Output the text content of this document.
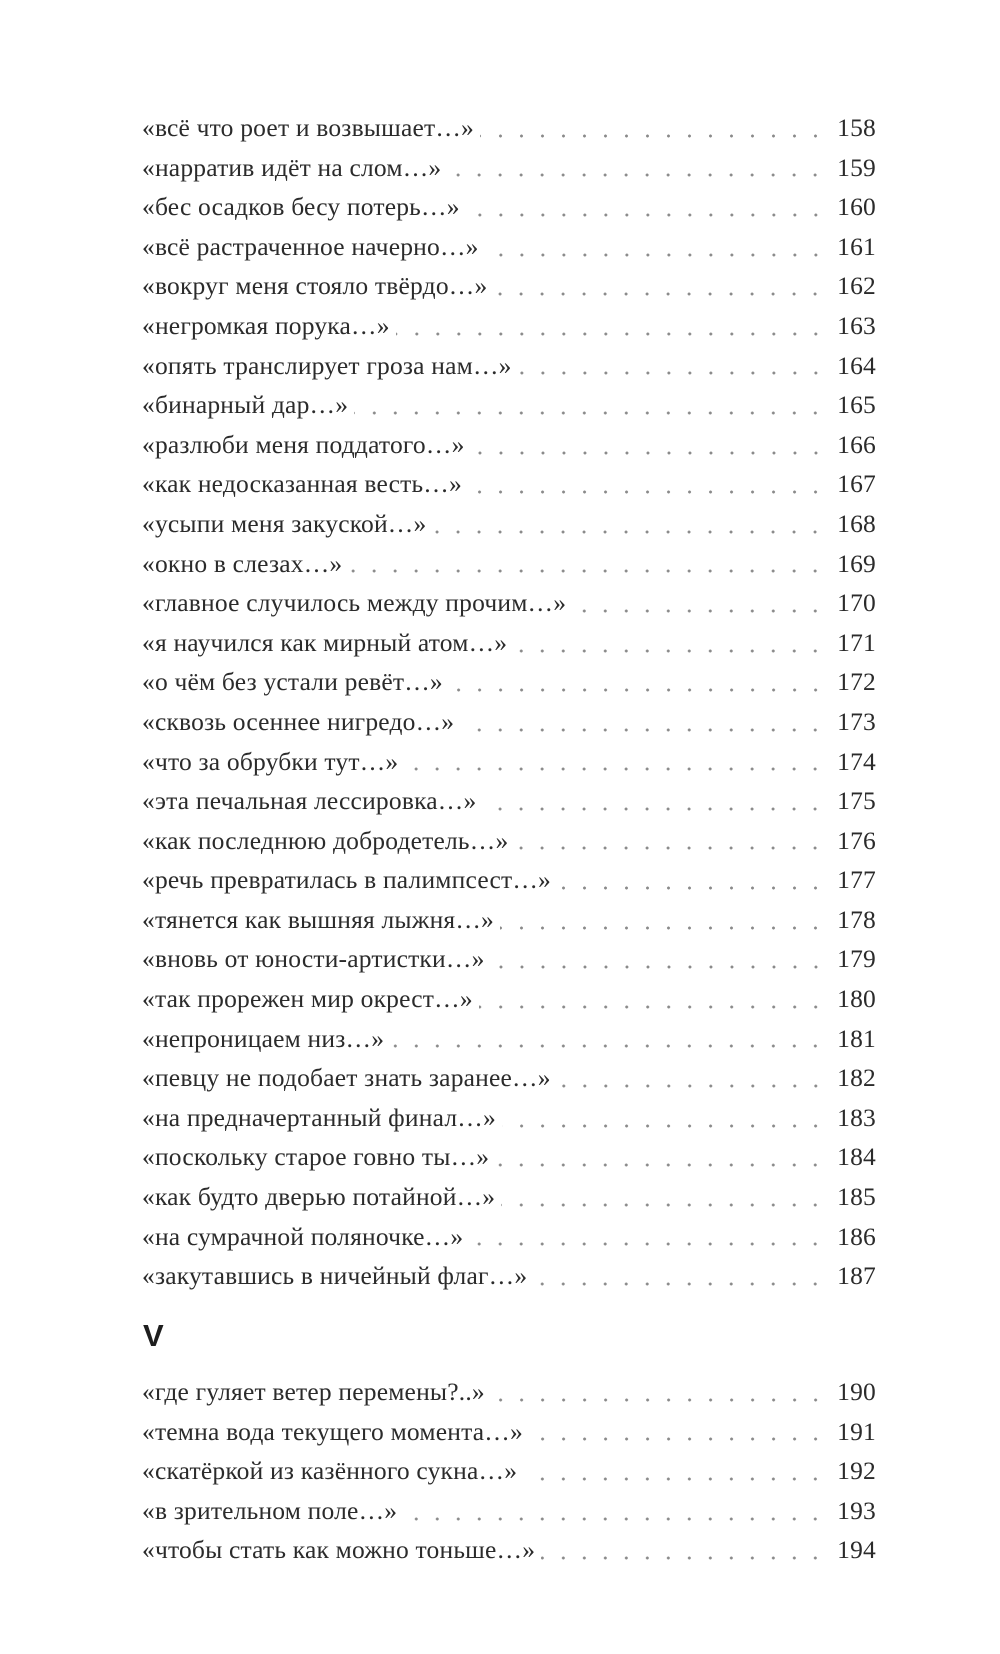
«всё что роет и возвышает…»	158
«нарратив идёт на слом…»	159
«бес осадков бесу потерь…»	160
«всё растраченное начерно…»	161
«вокруг меня стояло твёрдо…»	162
«негромкая порука…»	163
«опять транслирует гроза нам…»	164
«бинарный дар…»	165
«разлюби меня поддатого…»	166
«как недосказанная весть…»	167
«усыпи меня закуской…»	168
«окно в слезах…»	169
«главное случилось между прочим…»	170
«я научился как мирный атом…»	171
«о чём без устали ревёт…»	172
«сквозь осеннее нигредо…»	173
«что за обрубки тут…»	174
«эта печальная лессировка…»	175
«как последнюю добродетель…»	176
«речь превратилась в палимпсест…»	177
«тянется как вышняя лыжня…»	178
«вновь от юности-артистки…»	179
«так прорежен мир окрест…»	180
«непроницаем низ…»	181
«певцу не подобает знать заранее…»	182
«на предначертанный финал…»	183
«поскольку старое говно ты…»	184
«как будто дверью потайной…»	185
«на сумрачной поляночке…»	186
«закутавшись в ничейный флаг…»	187
V
«где гуляет ветер перемены?..»	190
«темна вода текущего момента…»	191
«скатёркой из казённого сукна…»	192
«в зрительном поле…»	193
«чтобы стать как можно тоньше…»	194
